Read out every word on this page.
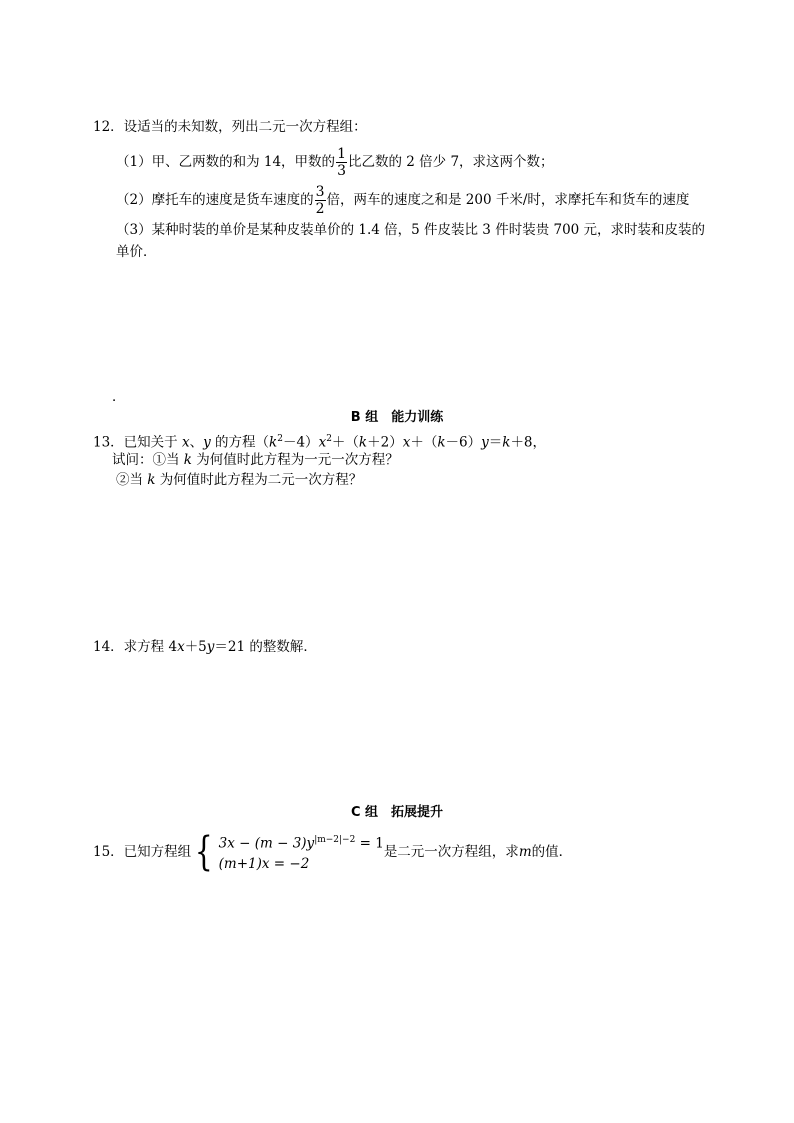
12．设适当的未知数，列出二元一次方程组：
（1）甲、乙两数的和为 14，甲数的 $\frac{1}{3}$ 比乙数的 2 倍少 7，求这两个数；
（2）摩托车的速度是货车速度的 $\frac{3}{2}$ 倍，两车的速度之和是 200 千米/时，求摩托车和货车的速度
（3）某种时装的单价是某种皮装单价的 1.4 倍，5 件皮装比 3 件时装贵 700 元，求时装和皮装的
单价．
．
B 组　能力训练
13．已知关于 x、y 的方程$(k^2-4)x^2+(k+2)x+(k-6)y=k+8$，
试问：①当 k 为何值时此方程为一元一次方程？
②当 k 为何值时此方程为二元一次方程？
14．求方程 4x＋5y＝21 的整数解．
C 组　拓展提升
15．已知方程组 { $3x - (m - 3)y^{|m-2|-2} = 1$
(m+1)x = −2
是二元一次方程组，求 m 的值．
